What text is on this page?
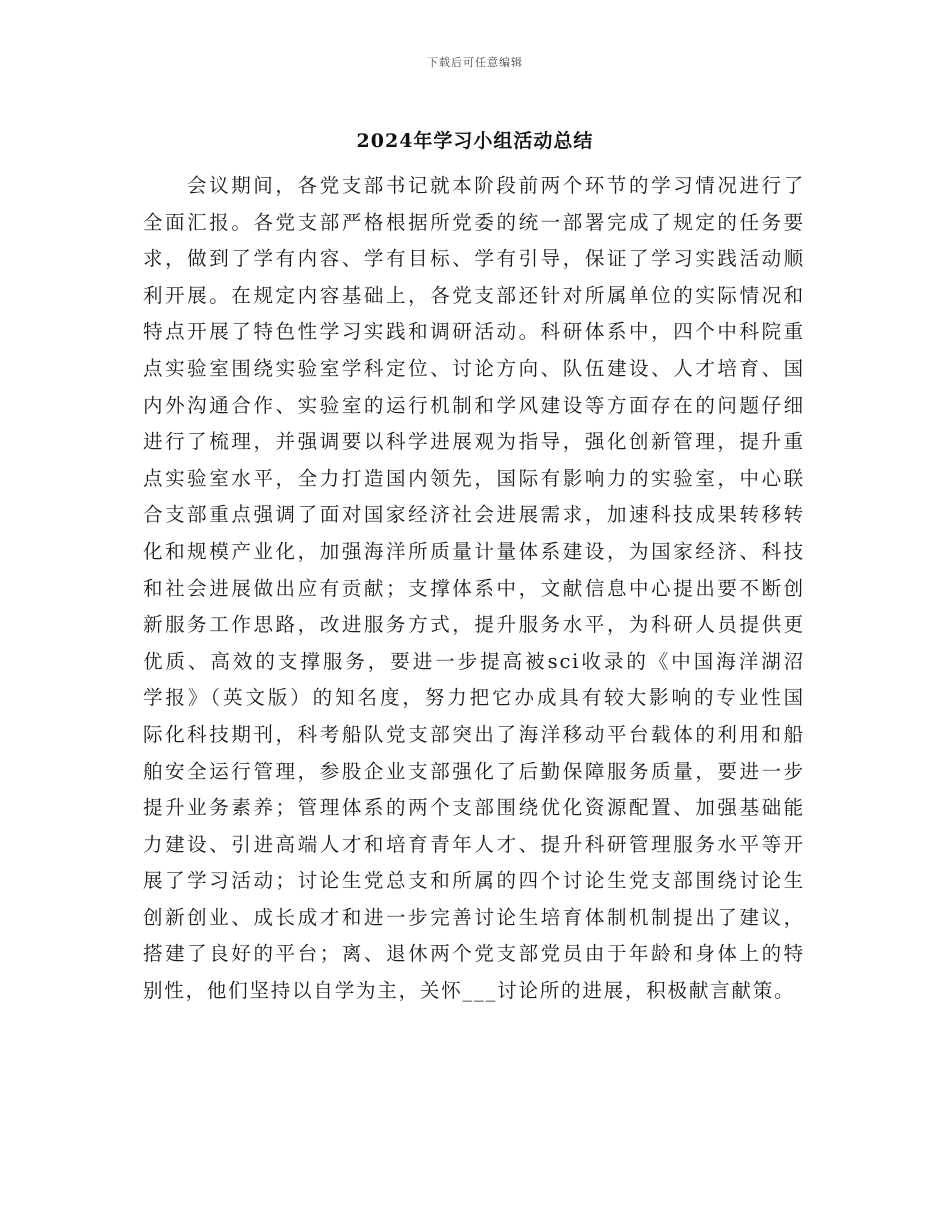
下载后可任意编辑
2024年学习小组活动总结
会议期间，各党支部书记就本阶段前两个环节的学习情况进行了
全面汇报。各党支部严格根据所党委的统一部署完成了规定的任务要
求，做到了学有内容、学有目标、学有引导，保证了学习实践活动顺
利开展。在规定内容基础上，各党支部还针对所属单位的实际情况和
特点开展了特色性学习实践和调研活动。科研体系中，四个中科院重
点实验室围绕实验室学科定位、讨论方向、队伍建设、人才培育、国
内外沟通合作、实验室的运行机制和学风建设等方面存在的问题仔细
进行了梳理，并强调要以科学进展观为指导，强化创新管理，提升重
点实验室水平，全力打造国内领先，国际有影响力的实验室，中心联
合支部重点强调了面对国家经济社会进展需求，加速科技成果转移转
化和规模产业化，加强海洋所质量计量体系建设，为国家经济、科技
和社会进展做出应有贡献；支撑体系中，文献信息中心提出要不断创
新服务工作思路，改进服务方式，提升服务水平，为科研人员提供更
优质、高效的支撑服务，要进一步提高被sci收录的《中国海洋湖沼
学报》（英文版）的知名度，努力把它办成具有较大影响的专业性国
际化科技期刊，科考船队党支部突出了海洋移动平台载体的利用和船
舶安全运行管理，参股企业支部强化了后勤保障服务质量，要进一步
提升业务素养；管理体系的两个支部围绕优化资源配置、加强基础能
力建设、引进高端人才和培育青年人才、提升科研管理服务水平等开
展了学习活动；讨论生党总支和所属的四个讨论生党支部围绕讨论生
创新创业、成长成才和进一步完善讨论生培育体制机制提出了建议，
搭建了良好的平台；离、退休两个党支部党员由于年龄和身体上的特
别性，他们坚持以自学为主，关怀___讨论所的进展，积极献言献策。
